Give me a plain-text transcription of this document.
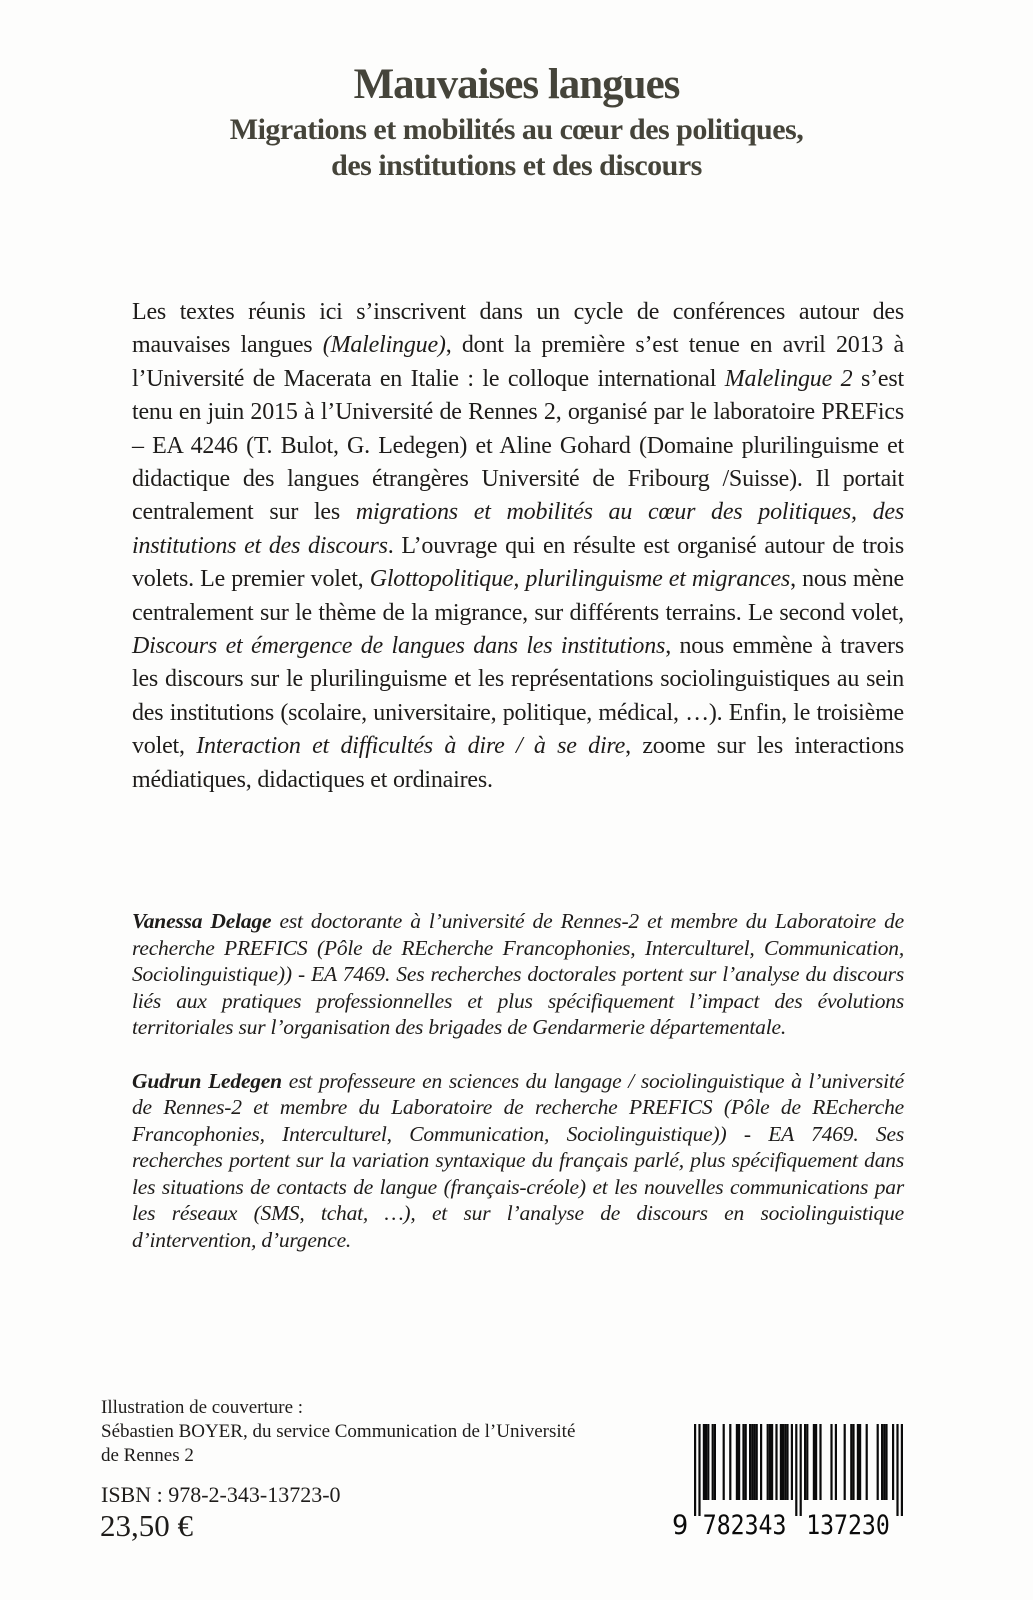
Mauvaises langues
Migrations et mobilités au cœur des politiques,
des institutions et des discours
Les textes réunis ici s’inscrivent dans un cycle de conférences autour des mauvaises langues (Malelingue), dont la première s’est tenue en avril 2013 à l’Université de Macerata en Italie : le colloque international Malelingue 2 s’est tenu en juin 2015 à l’Université de Rennes 2, organisé par le laboratoire PREFics – EA 4246 (T. Bulot, G. Ledegen) et Aline Gohard (Domaine plurilinguisme et didactique des langues étrangères Université de Fribourg /Suisse). Il portait centralement sur les migrations et mobilités au cœur des politiques, des institutions et des discours. L’ouvrage qui en résulte est organisé autour de trois volets. Le premier volet, Glottopolitique, plurilinguisme et migrances, nous mène centralement sur le thème de la migrance, sur différents terrains. Le second volet, Discours et émergence de langues dans les institutions, nous emmène à travers les discours sur le plurilinguisme et les représentations sociolinguistiques au sein des institutions (scolaire, universitaire, politique, médical, …). Enfin, le troisième volet, Interaction et difficultés à dire / à se dire, zoome sur les interactions médiatiques, didactiques et ordinaires.

Vanessa Delage est doctorante à l’université de Rennes-2 et membre du Laboratoire de recherche PREFICS (Pôle de REcherche Francophonies, Interculturel, Communication, Sociolinguistique)) - EA 7469. Ses recherches doctorales portent sur l’analyse du discours liés aux pratiques professionnelles et plus spécifiquement l’impact des évolutions territoriales sur l’organisation des brigades de Gendarmerie départementale.

Gudrun Ledegen est professeure en sciences du langage / sociolinguistique à l’université de Rennes-2 et membre du Laboratoire de recherche PREFICS (Pôle de REcherche Francophonies, Interculturel, Communication, Sociolinguistique)) - EA 7469. Ses recherches portent sur la variation syntaxique du français parlé, plus spécifiquement dans les situations de contacts de langue (français-créole) et les nouvelles communications par les réseaux (SMS, tchat, …), et sur l’analyse de discours en sociolinguistique d’intervention, d’urgence.

Illustration de couverture :
Sébastien BOYER, du service Communication de l’Université
de Rennes 2
ISBN : 978-2-343-13723-0
23,50 €	9 782343 137230
